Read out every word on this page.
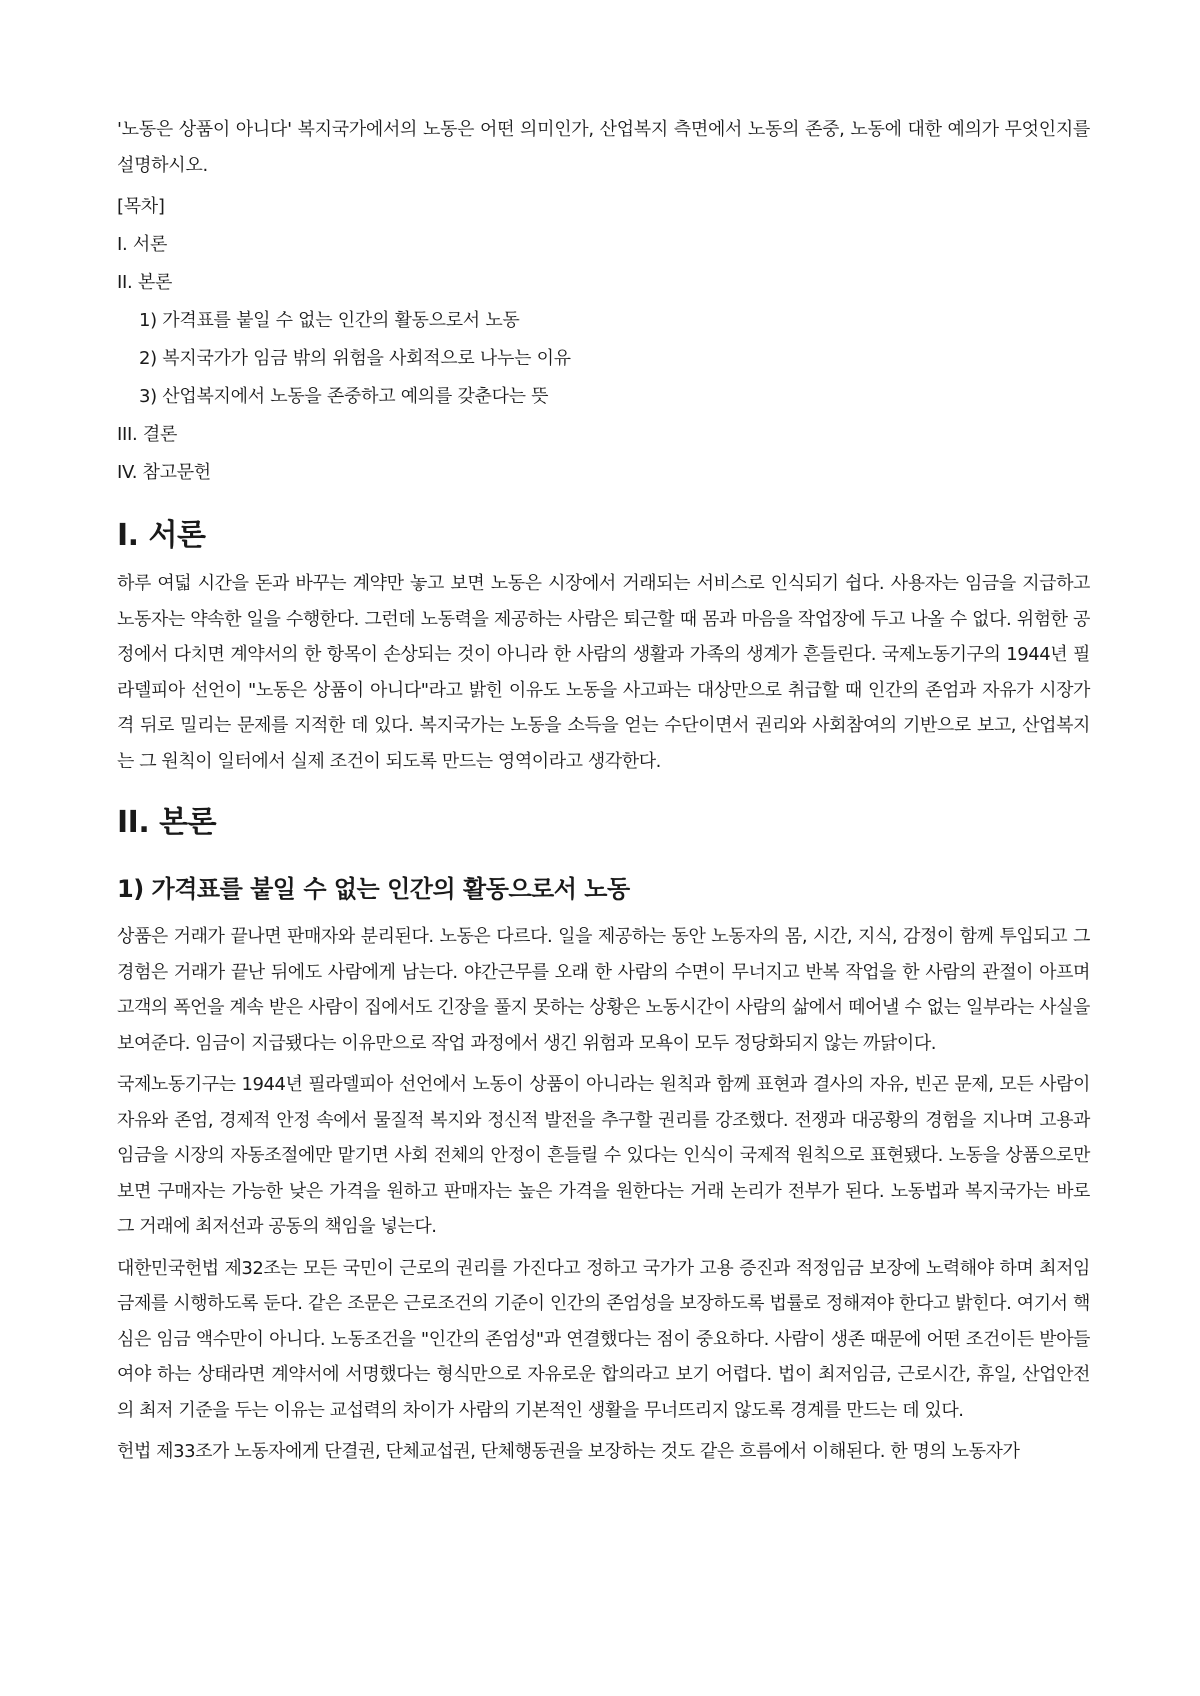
'노동은 상품이 아니다' 복지국가에서의 노동은 어떤 의미인가, 산업복지 측면에서 노동의 존중, 노동에 대한 예의가 무엇인지를 설명하시오.

[목차]

I. 서론

II. 본론

1) 가격표를 붙일 수 없는 인간의 활동으로서 노동

2) 복지국가가 임금 밖의 위험을 사회적으로 나누는 이유

3) 산업복지에서 노동을 존중하고 예의를 갖춘다는 뜻

III. 결론

IV. 참고문헌

I. 서론

하루 여덟 시간을 돈과 바꾸는 계약만 놓고 보면 노동은 시장에서 거래되는 서비스로 인식되기 쉽다. 사용자는 임금을 지급하고 노동자는 약속한 일을 수행한다. 그런데 노동력을 제공하는 사람은 퇴근할 때 몸과 마음을 작업장에 두고 나올 수 없다. 위험한 공정에서 다치면 계약서의 한 항목이 손상되는 것이 아니라 한 사람의 생활과 가족의 생계가 흔들린다. 국제노동기구의 1944년 필라델피아 선언이 "노동은 상품이 아니다"라고 밝힌 이유도 노동을 사고파는 대상만으로 취급할 때 인간의 존엄과 자유가 시장가격 뒤로 밀리는 문제를 지적한 데 있다. 복지국가는 노동을 소득을 얻는 수단이면서 권리와 사회참여의 기반으로 보고, 산업복지는 그 원칙이 일터에서 실제 조건이 되도록 만드는 영역이라고 생각한다.

II. 본론
1) 가격표를 붙일 수 없는 인간의 활동으로서 노동

상품은 거래가 끝나면 판매자와 분리된다. 노동은 다르다. 일을 제공하는 동안 노동자의 몸, 시간, 지식, 감정이 함께 투입되고 그 경험은 거래가 끝난 뒤에도 사람에게 남는다. 야간근무를 오래 한 사람의 수면이 무너지고 반복 작업을 한 사람의 관절이 아프며 고객의 폭언을 계속 받은 사람이 집에서도 긴장을 풀지 못하는 상황은 노동시간이 사람의 삶에서 떼어낼 수 없는 일부라는 사실을 보여준다. 임금이 지급됐다는 이유만으로 작업 과정에서 생긴 위험과 모욕이 모두 정당화되지 않는 까닭이다.

국제노동기구는 1944년 필라델피아 선언에서 노동이 상품이 아니라는 원칙과 함께 표현과 결사의 자유, 빈곤 문제, 모든 사람이 자유와 존엄, 경제적 안정 속에서 물질적 복지와 정신적 발전을 추구할 권리를 강조했다. 전쟁과 대공황의 경험을 지나며 고용과 임금을 시장의 자동조절에만 맡기면 사회 전체의 안정이 흔들릴 수 있다는 인식이 국제적 원칙으로 표현됐다. 노동을 상품으로만 보면 구매자는 가능한 낮은 가격을 원하고 판매자는 높은 가격을 원한다는 거래 논리가 전부가 된다. 노동법과 복지국가는 바로 그 거래에 최저선과 공동의 책임을 넣는다.

대한민국헌법 제32조는 모든 국민이 근로의 권리를 가진다고 정하고 국가가 고용 증진과 적정임금 보장에 노력해야 하며 최저임금제를 시행하도록 둔다. 같은 조문은 근로조건의 기준이 인간의 존엄성을 보장하도록 법률로 정해져야 한다고 밝힌다. 여기서 핵심은 임금 액수만이 아니다. 노동조건을 "인간의 존엄성"과 연결했다는 점이 중요하다. 사람이 생존 때문에 어떤 조건이든 받아들여야 하는 상태라면 계약서에 서명했다는 형식만으로 자유로운 합의라고 보기 어렵다. 법이 최저임금, 근로시간, 휴일, 산업안전의 최저 기준을 두는 이유는 교섭력의 차이가 사람의 기본적인 생활을 무너뜨리지 않도록 경계를 만드는 데 있다.

헌법 제33조가 노동자에게 단결권, 단체교섭권, 단체행동권을 보장하는 것도 같은 흐름에서 이해된다. 한 명의 노동자가
